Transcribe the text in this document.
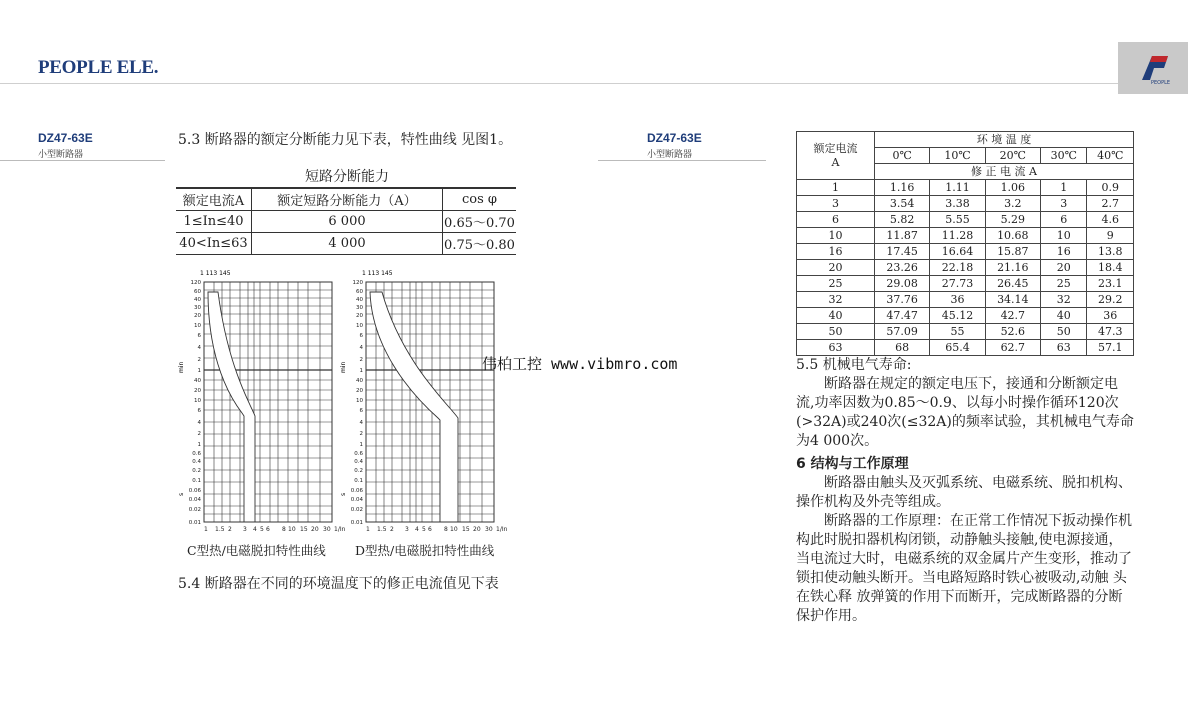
PEOPLE ELE.
PEOPLE
DZ47-63E
小型断路器
5.3 断路器的额定分断能力见下表，特性曲线 见图1。
短路分断能力
额定电流A	额定短路分断能力（A）	cos φ
1≤In≤40	6 000	0.65～0.70
40<In≤63	4 000	0.75～0.80
1 113 145
120
60
40
30
20
10
6
4
2
1
40
20
10
6
4
2
1
0.6
0.4
0.2
0.1
0.06
0.04
0.02
0.01
min
s
1 1.5 2 3 4 5 6 8 10 15 20 30 1/In
1 113 145
120
60
40
30
20
10
6
4
2
1
40
20
10
6
4
2
1
0.6
0.4
0.2
0.1
0.06
0.04
0.02
0.01
min
s
1 1.5 2 3 4 5 6 8 10 15 20 30 1/In
C型热/电磁脱扣特性曲线 D型热/电磁脱扣特性曲线
5.4 断路器在不同的环境温度下的修正电流值见下表
伟柏工控 www.vibmro.com
DZ47-63E
小型断路器
额定电流
A	环 境 温 度				
	0℃	10℃	20℃	30℃	40℃
	修 正 电 流 A				
1	1.16	1.11	1.06	1	0.9
3	3.54	3.38	3.2	3	2.7
6	5.82	5.55	5.29	6	4.6
10	11.87	11.28	10.68	10	9
16	17.45	16.64	15.87	16	13.8
20	23.26	22.18	21.16	20	18.4
25	29.08	27.73	26.45	25	23.1
32	37.76	36	34.14	32	29.2
40	47.47	45.12	42.7	40	36
50	57.09	55	52.6	50	47.3
63	68	65.4	62.7	63	57.1
5.5 机械电气寿命:
断路器在规定的额定电压下，接通和分断额定电流,功率因数为0.85～0.9、以每小时操作循环120次(>32A)或240次(≤32A)的频率试验，其机械电气寿命为4 000次。
6 结构与工作原理
断路器由触头及灭弧系统、电磁系统、脱扣机构、操作机构及外壳等组成。
断路器的工作原理：在正常工作情况下扳动操作机构此时脱扣器机构闭锁，动静触头接触,使电源接通，当电流过大时，电磁系统的双金属片产生变形，推动了锁扣使动触头断开。当电路短路时铁心被吸动,动触 头在铁心释 放弹簧的作用下而断开，完成断路器的分断保护作用。
